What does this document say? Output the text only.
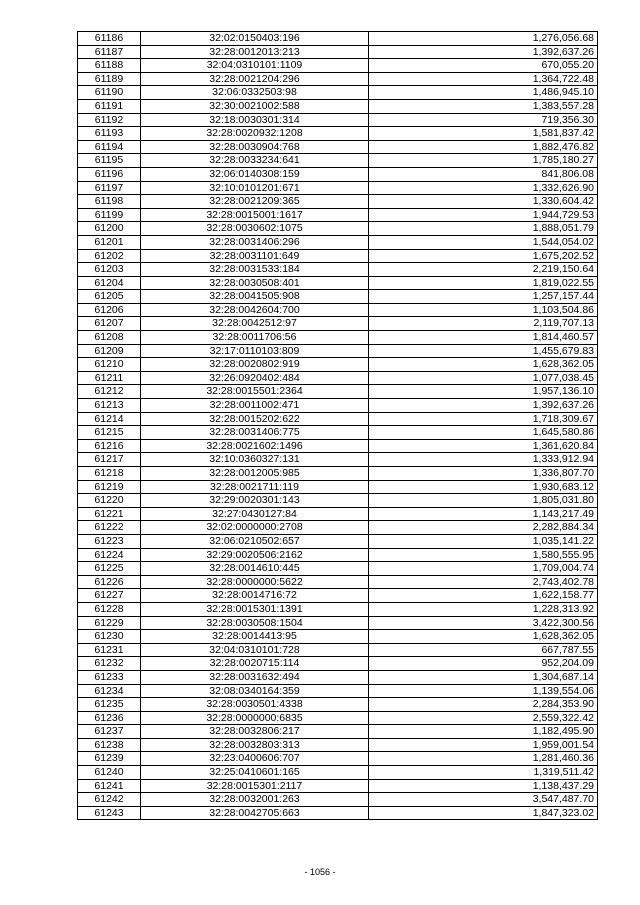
61186	32:02:0150403:196	1,276,056.68
61187	32:28:0012013:213	1,392,637.26
61188	32:04:0310101:1109	670,055.20
61189	32:28:0021204:296	1,364,722.48
61190	32:06:0332503:98	1,486,945.10
61191	32:30:0021002:588	1,383,557.28
61192	32:18:0030301:314	719,356.30
61193	32:28:0020932:1208	1,581,837.42
61194	32:28:0030904:768	1,882,476.82
61195	32:28:0033234:641	1,785,180.27
61196	32:06:0140308:159	841,806.08
61197	32:10:0101201:671	1,332,626.90
61198	32:28:0021209:365	1,330,604.42
61199	32:28:0015001:1617	1,944,729.53
61200	32:28:0030602:1075	1,888,051.79
61201	32:28:0031406:296	1,544,054.02
61202	32:28:0031101:649	1,675,202.52
61203	32:28:0031533:184	2,219,150.64
61204	32:28:0030508:401	1,819,022.55
61205	32:28:0041505:908	1,257,157.44
61206	32:28:0042604:700	1,103,504.86
61207	32:28:0042512:97	2,119,707.13
61208	32:28:0011706:56	1,814,460.57
61209	32:17:0110103:809	1,455,679.83
61210	32:28:0020802:919	1,628,362.05
61211	32:26:0920402:484	1,077,038.45
61212	32:28:0015501:2364	1,957,136.10
61213	32:28:0011002:471	1,392,637.26
61214	32:28:0015202:622	1,718,309.67
61215	32:28:0031406:775	1,645,580.86
61216	32:28:0021602:1496	1,361,620.84
61217	32:10:0360327:131	1,333,912.94
61218	32:28:0012005:985	1,336,807.70
61219	32:28:0021711:119	1,930,683.12
61220	32:29:0020301:143	1,805,031.80
61221	32:27:0430127:84	1,143,217.49
61222	32:02:0000000:2708	2,282,884.34
61223	32:06:0210502:657	1,035,141.22
61224	32:29:0020506:2162	1,580,555.95
61225	32:28:0014610:445	1,709,004.74
61226	32:28:0000000:5622	2,743,402.78
61227	32:28:0014716:72	1,622,158.77
61228	32:28:0015301:1391	1,228,313.92
61229	32:28:0030508:1504	3,422,300.56
61230	32:28:0014413:95	1,628,362.05
61231	32:04:0310101:728	667,787.55
61232	32:28:0020715:114	952,204.09
61233	32:28:0031632:494	1,304,687.14
61234	32:08:0340164:359	1,139,554.06
61235	32:28:0030501:4338	2,284,353.90
61236	32:28:0000000:6835	2,559,322.42
61237	32:28:0032806:217	1,182,495.90
61238	32:28:0032803:313	1,959,001.54
61239	32:23:0400606:707	1,281,460.36
61240	32:25:0410601:165	1,319,511.42
61241	32:28:0015301:2117	1,138,437.29
61242	32:28:0032001:263	3,547,487.70
61243	32:28:0042705:663	1,847,323.02
- 1056 -
